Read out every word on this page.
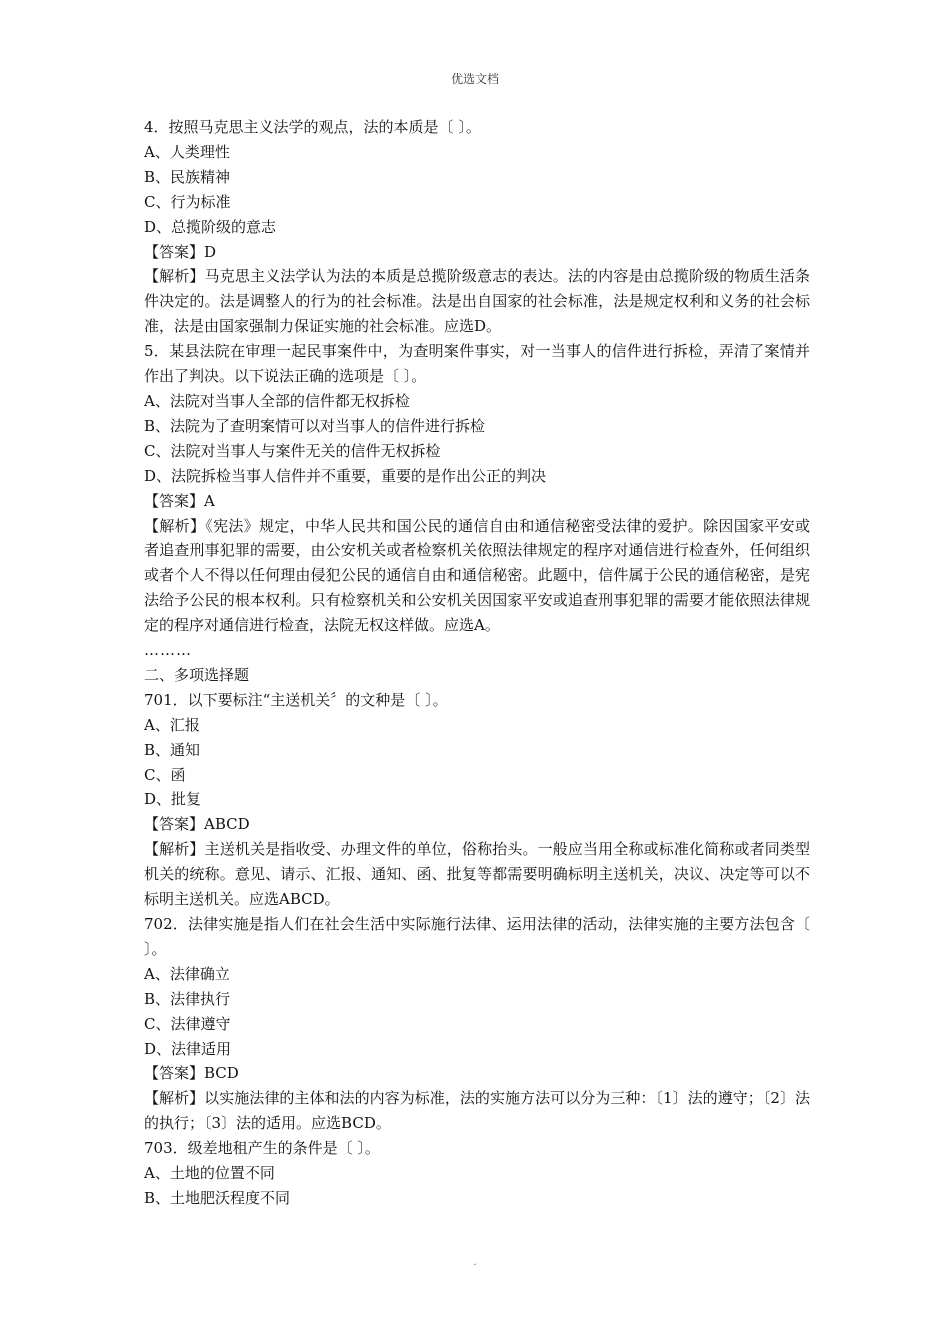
优选文档
4．按照马克思主义法学的观点，法的本质是〔 〕。
A、人类理性
B、民族精神
C、行为标准
D、总揽阶级的意志
【答案】D
【解析】马克思主义法学认为法的本质是总揽阶级意志的表达。法的内容是由总揽阶级的物质生活条件决定的。法是调整人的行为的社会标准。法是出自国家的社会标准，法是规定权利和义务的社会标准，法是由国家强制力保证实施的社会标准。应选D。
5．某县法院在审理一起民事案件中，为查明案件事实，对一当事人的信件进行拆检，弄清了案情并作出了判决。以下说法正确的选项是〔 〕。
A、法院对当事人全部的信件都无权拆检
B、法院为了查明案情可以对当事人的信件进行拆检
C、法院对当事人与案件无关的信件无权拆检
D、法院拆检当事人信件并不重要，重要的是作出公正的判决
【答案】A
【解析】《宪法》规定，中华人民共和国公民的通信自由和通信秘密受法律的爱护。除因国家平安或者追查刑事犯罪的需要，由公安机关或者检察机关依照法律规定的程序对通信进行检查外，任何组织或者个人不得以任何理由侵犯公民的通信自由和通信秘密。此题中，信件属于公民的通信秘密，是宪法给予公民的根本权利。只有检察机关和公安机关因国家平安或追查刑事犯罪的需要才能依照法律规定的程序对通信进行检查，法院无权这样做。应选A。
………
二、多项选择题
701．以下要标注“主送机关〞的文种是〔 〕。
A、汇报
B、通知
C、函
D、批复
【答案】ABCD
【解析】主送机关是指收受、办理文件的单位，俗称抬头。一般应当用全称或标准化简称或者同类型机关的统称。意见、请示、汇报、通知、函、批复等都需要明确标明主送机关，决议、决定等可以不标明主送机关。应选ABCD。
702．法律实施是指人们在社会生活中实际施行法律、运用法律的活动，法律实施的主要方法包含〔 〕。
A、法律确立
B、法律执行
C、法律遵守
D、法律适用
【答案】BCD
【解析】以实施法律的主体和法的内容为标准，法的实施方法可以分为三种：〔1〕法的遵守；〔2〕法的执行；〔3〕法的适用。应选BCD。
703．级差地租产生的条件是〔 〕。
A、土地的位置不同
B、土地肥沃程度不同
.
